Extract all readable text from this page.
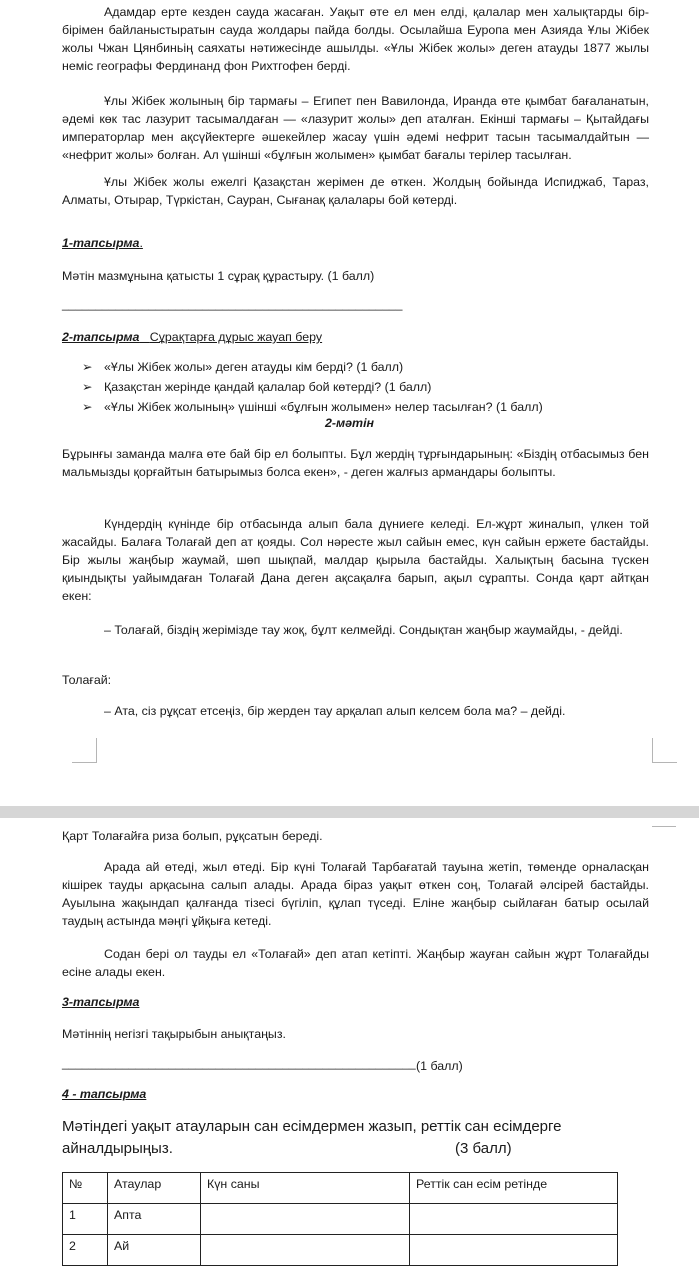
Адамдар ерте кезден сауда жасаған. Уақыт өте ел мен елді, қалалар мен халықтарды бір-бірімен байланыстыратын сауда жолдары пайда болды. Осылайша Еуропа мен Азияда Ұлы Жібек жолы Чжан Цянбиньің саяхаты нәтижесінде ашылды. «Ұлы Жібек жолы» деген атауды 1877 жылы неміс географы Фердинанд фон Рихтгофен берді.

Ұлы Жібек жолының бір тармағы – Египет пен Вавилонда, Иранда өте қымбат бағаланатын, әдемі көк тас лазурит тасымалдаған — «лазурит жолы» деп аталған. Екінші тармағы – Қытайдағы императорлар мен ақсүйектерге әшекейлер жасау үшін әдемі нефрит тасын тасымалдайтын — «нефрит жолы» болған. Ал үшінші «бұлғын жолымен» қымбат бағалы терілер тасылған.

Ұлы Жібек жолы ежелгі Қазақстан жерімен де өткен. Жолдың бойында Испиджаб, Тараз, Алматы, Отырар, Түркістан, Сауран, Сығанақ қалалары бой көтерді.

1-тапсырма.
Мәтін мазмұнына қатысты 1 сұрақ құрастыру. (1 балл)
___________________________________________________
2-тапсырма Сұрақтарға дұрыс жауап беру
➢ «Ұлы Жібек жолы» деген атауды кім берді? (1 балл)
➢ Қазақстан жерінде қандай қалалар бой көтерді? (1 балл)
➢ «Ұлы Жібек жолының» үшінші «бұлғын жолымен» нелер тасылған? (1 балл)
2-мәтін

Бұрынғы заманда малға өте бай бір ел болыпты. Бұл жердің тұрғындарының: «Біздің отбасымыз бен мальмызды қорғайтын батырымыз болса екен», - деген жалғыз армандары болыпты.

Күндердің күнінде бір отбасында алып бала дүниеге келеді. Ел-жұрт жиналып, үлкен той жасайды. Балаға Толағай деп ат қояды. Сол нәресте жыл сайын емес, күн сайын ержете бастайды. Бір жылы жаңбыр жаумай, шөп шықпай, малдар қырыла бастайды. Халықтың басына түскен қиындықты уайымдаған Толағай Дана деген ақсақалға барып, ақыл сұрапты. Сонда қарт айтқан екен:

– Толағай, біздің жерімізде тау жоқ, бұлт келмейді. Сондықтан жаңбыр жаумайды, - дейді.

Толағай:

– Ата, сіз рұқсат етсеңіз, бір жерден тау арқалап алып келсем бола ма? – дейді.

Қарт Толағайға риза болып, рұқсатын береді.

Арада ай өтеді, жыл өтеді. Бір күні Толағай Тарбағатай тауына жетіп, төменде орналасқан кішірек тауды арқасына салып алады. Арада біраз уақыт өткен соң, Толағай әлсірей бастайды. Ауылына жақындап қалғанда тізесі бүгіліп, құлап түседі. Еліне жаңбыр сыйлаған батыр осылай таудың астында мәңгі ұйқыға кетеді.

Содан бері ол тауды ел «Толағай» деп атап кетіпті. Жаңбыр жауған сайын жұрт Толағайды есіне алады екен.

3-тапсырма
Мәтіннің негізгі тақырыбын анықтаңыз.
_____________________________________________________ (1 балл)
4 - тапсырма
Мәтіндегі уақыт атауларын сан есімдермен жазып, реттік сан есімдерге
айналдырыңыз.	(3 балл)
№	Атаулар	Күн саны	Реттік сан есім ретінде
1	Апта		
2	Ай		
